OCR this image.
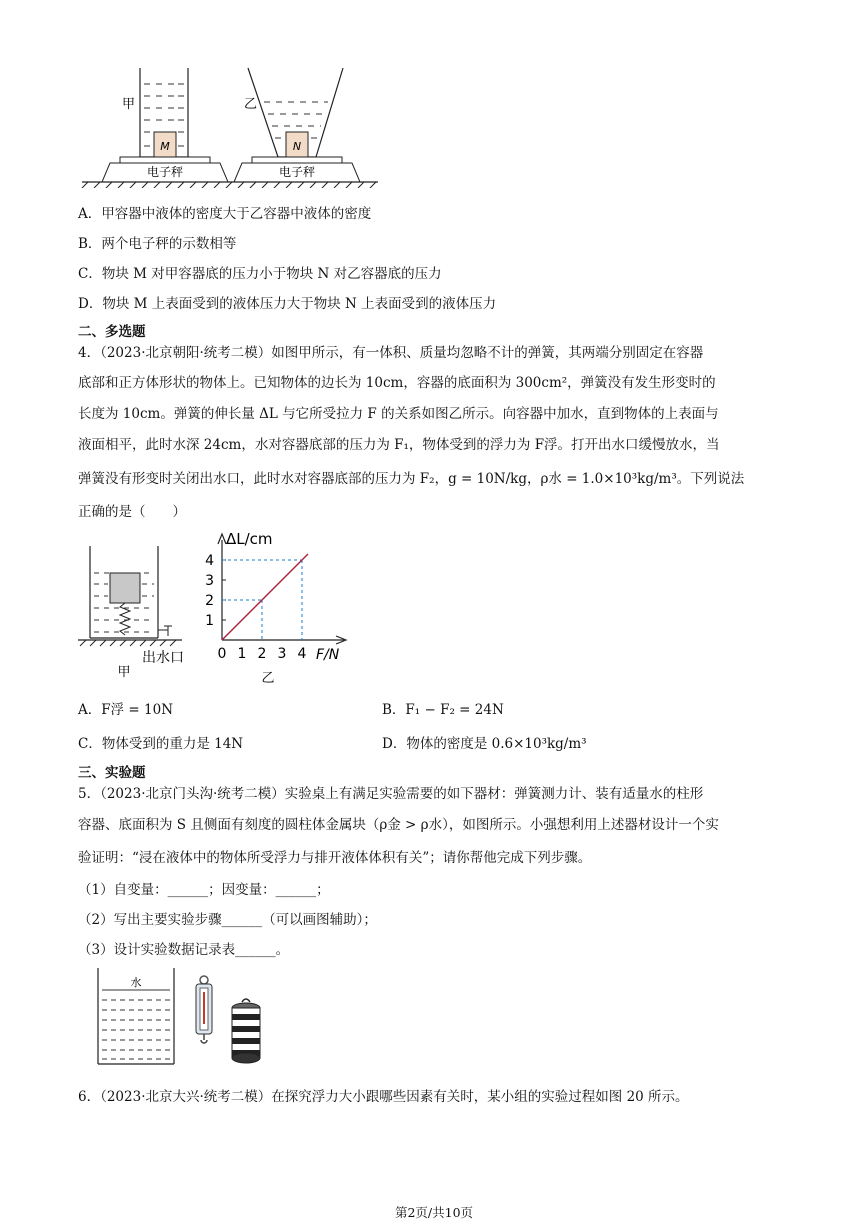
M
甲
N
乙
电子秤	电子秤
A．甲容器中液体的密度大于乙容器中液体的密度
B．两个电子秤的示数相等
C．物块 M 对甲容器底的压力小于物块 N 对乙容器底的压力
D．物块 M 上表面受到的液体压力大于物块 N 上表面受到的液体压力
二、多选题
4．（2023·北京朝阳·统考二模）如图甲所示，有一体积、质量均忽略不计的弹簧，其两端分别固定在容器
底部和正方体形状的物体上。已知物体的边长为 10cm，容器的底面积为 300cm²，弹簧没有发生形变时的
长度为 10cm。弹簧的伸长量 ΔL 与它所受拉力 F 的关系如图乙所示。向容器中加水，直到物体的上表面与
液面相平，此时水深 24cm，水对容器底部的压力为 F₁，物体受到的浮力为 F浮。打开出水口缓慢放水，当
弹簧没有形变时关闭出水口，此时水对容器底部的压力为 F₂，g = 10N/kg，ρ水 = 1.0×10³kg/m³。下列说法
正确的是（　　）
出水口
甲
ΔL/cm
F/N
乙
0 1 2 3 4
1
2
3
4
A．F浮 = 10N	B．F₁ − F₂ = 24N
C．物体受到的重力是 14N	D．物体的密度是 0.6×10³kg/m³
三、实验题
5．（2023·北京门头沟·统考二模）实验桌上有满足实验需要的如下器材：弹簧测力计、装有适量水的柱形
容器、底面积为 S 且侧面有刻度的圆柱体金属块（ρ金 > ρ水），如图所示。小强想利用上述器材设计一个实
验证明：“浸在液体中的物体所受浮力与排开液体体积有关”；请你帮他完成下列步骤。
（1）自变量：______；因变量：______；
（2）写出主要实验步骤______（可以画图辅助）；
（3）设计实验数据记录表______。
水
6．（2023·北京大兴·统考二模）在探究浮力大小跟哪些因素有关时，某小组的实验过程如图 20 所示。
第2页/共10页
